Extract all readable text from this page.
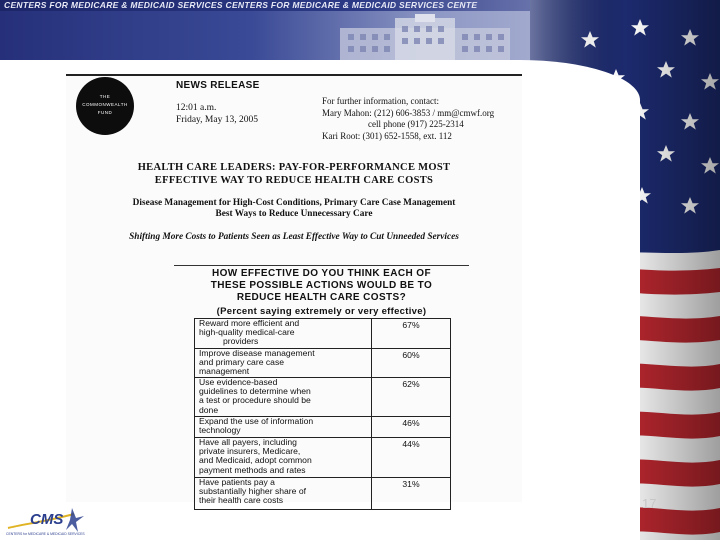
CENTERS FOR MEDICARE & MEDICAID SERVICES CENTERS FOR MEDICARE & MEDICAID SERVICES CENTE
THE
COMMONWEALTH
FUND
NEWS RELEASE
12:01 a.m.
Friday, May 13, 2005
For further information, contact:
Mary Mahon: (212) 606-3853 / mm@cmwf.org
cell phone (917) 225-2314
Kari Root: (301) 652-1558, ext. 112
HEALTH CARE LEADERS: PAY-FOR-PERFORMANCE MOST
EFFECTIVE WAY TO REDUCE HEALTH CARE COSTS
Disease Management for High-Cost Conditions, Primary Care Case Management
Best Ways to Reduce Unnecessary Care
Shifting More Costs to Patients Seen as Least Effective Way to Cut Unneeded Services
HOW EFFECTIVE DO YOU THINK EACH OF
THESE POSSIBLE ACTIONS WOULD BE TO
REDUCE HEALTH CARE COSTS?
(Percent saying extremely or very effective)
Reward more efficient and
high-quality medical-care
providers	67%

Improve disease management
and primary care case
management	60%

Use evidence-based
guidelines to determine when
a test or procedure should be
done	62%

Expand the use of information
technology	46%

Have all payers, including
private insurers, Medicare,
and Medicaid, adopt common
payment methods and rates	44%

Have patients pay a
substantially higher share of
their health care costs	31%
CMS
CENTERS for MEDICARE & MEDICAID SERVICES
17
